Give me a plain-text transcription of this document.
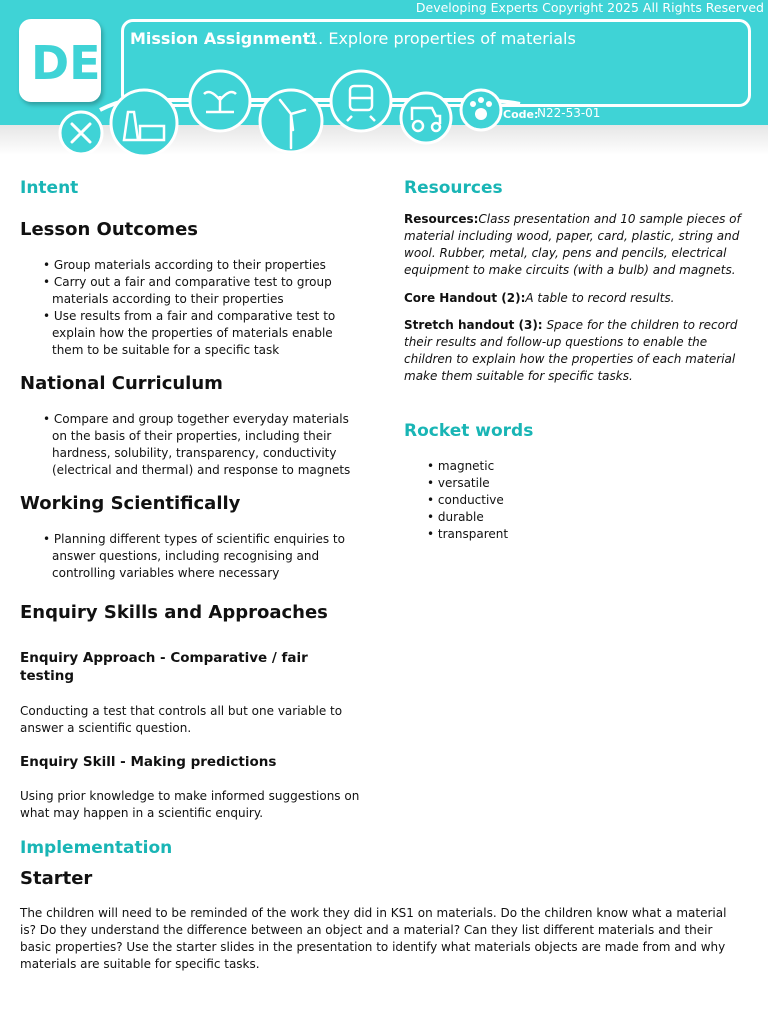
Developing Experts Copyright 2025 All Rights Reserved
DE Mission Assignment:
1. Explore properties of materials
Code:
N22-53-01
Intent
Lesson Outcomes
• Group materials according to their properties
• Carry out a fair and comparative test to group materials according to their properties
• Use results from a fair and comparative test to explain how the properties of materials enable them to be suitable for a specific task
National Curriculum
• Compare and group together everyday materials on the basis of their properties, including their hardness, solubility, transparency, conductivity (electrical and thermal) and response to magnets
Working Scientifically
• Planning different types of scientific enquiries to answer questions, including recognising and controlling variables where necessary
Enquiry Skills and Approaches
Enquiry Approach - Comparative / fair testing

Conducting a test that controls all but one variable to answer a scientific question.

Enquiry Skill - Making predictions

Using prior knowledge to make informed suggestions on what may happen in a scientific enquiry.

Resources

Resources:Class presentation and 10 sample pieces of material including wood, paper, card, plastic, string and wool. Rubber, metal, clay, pens and pencils, electrical equipment to make circuits (with a bulb) and magnets.

Core Handout (2):A table to record results.

Stretch handout (3): Space for the children to record their results and follow-up questions to enable the children to explain how the properties of each material make them suitable for specific tasks.

Rocket words
• magnetic
• versatile
• conductive
• durable
• transparent
Implementation
Starter

The children will need to be reminded of the work they did in KS1 on materials. Do the children know what a material is? Do they understand the difference between an object and a material? Can they list different materials and their basic properties? Use the starter slides in the presentation to identify what materials objects are made from and why materials are suitable for specific tasks.
